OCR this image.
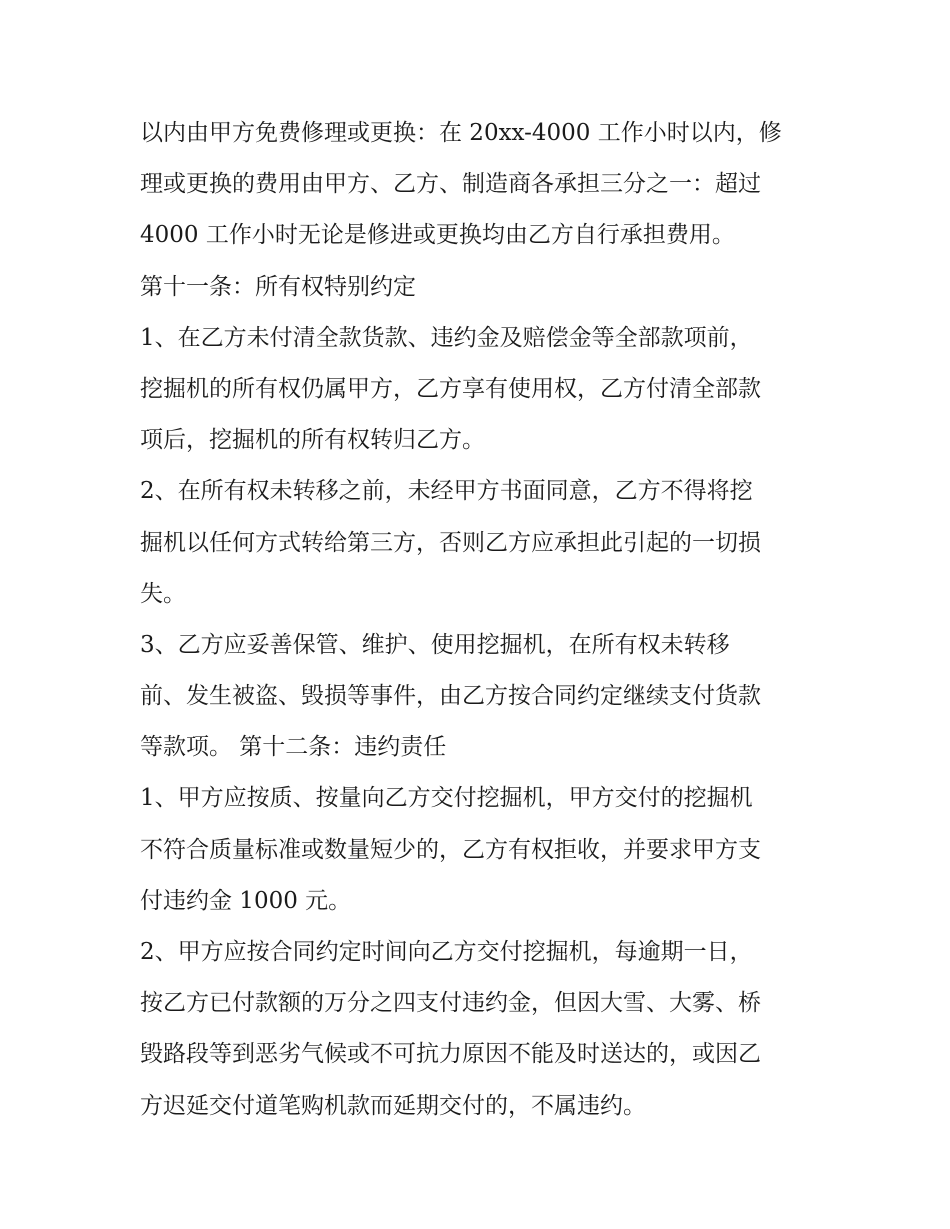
以内由甲方免费修理或更换：在 20xx-4000 工作小时以内，修
理或更换的费用由甲方、乙方、制造商各承担三分之一：超过
4000 工作小时无论是修进或更换均由乙方自行承担费用。
第十一条：所有权特别约定
1、在乙方未付清全款货款、违约金及赔偿金等全部款项前，
挖掘机的所有权仍属甲方，乙方享有使用权，乙方付清全部款
项后，挖掘机的所有权转归乙方。
2、在所有权未转移之前，未经甲方书面同意，乙方不得将挖
掘机以任何方式转给第三方，否则乙方应承担此引起的一切损
失。
3、乙方应妥善保管、维护、使用挖掘机，在所有权未转移
前、发生被盗、毁损等事件，由乙方按合同约定继续支付货款
等款项。 第十二条：违约责任
1、甲方应按质、按量向乙方交付挖掘机，甲方交付的挖掘机
不符合质量标准或数量短少的，乙方有权拒收，并要求甲方支
付违约金 1000 元。
2、甲方应按合同约定时间向乙方交付挖掘机，每逾期一日，
按乙方已付款额的万分之四支付违约金，但因大雪、大雾、桥
毁路段等到恶劣气候或不可抗力原因不能及时送达的，或因乙
方迟延交付道笔购机款而延期交付的，不属违约。
